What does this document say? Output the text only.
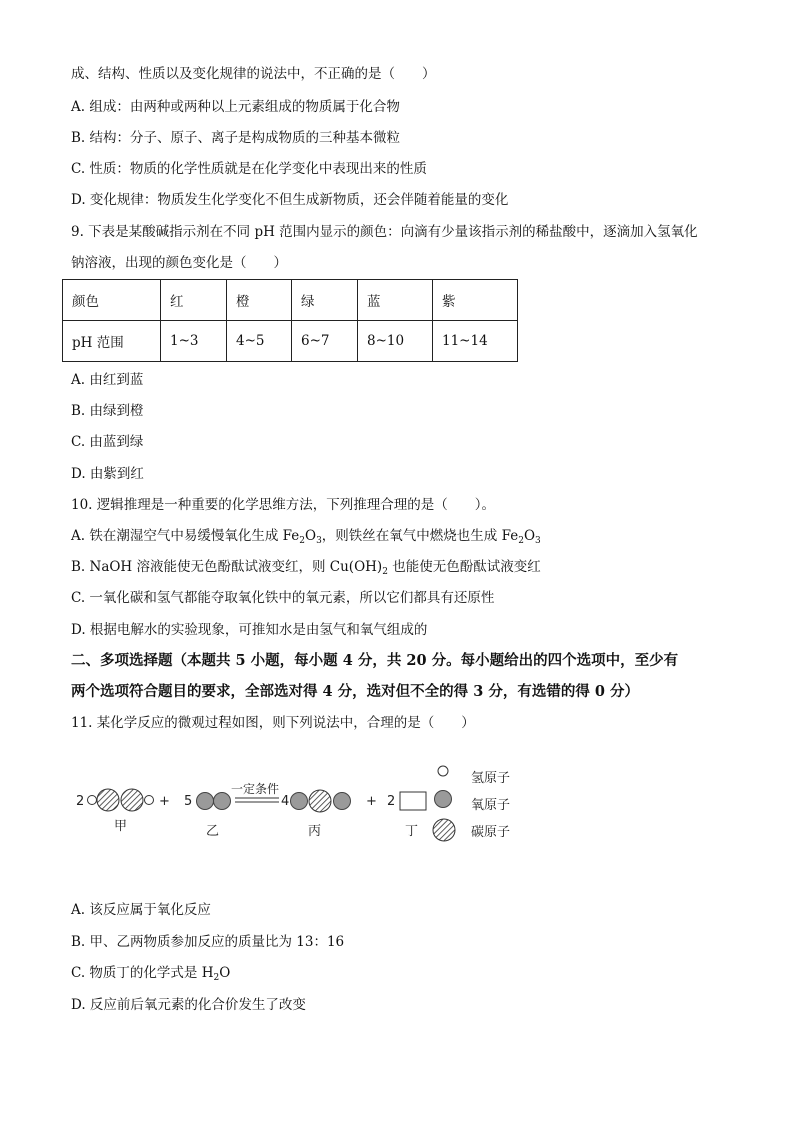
成、结构、性质以及变化规律的说法中，不正确的是（　　）
A. 组成：由两种或两种以上元素组成的物质属于化合物
B. 结构：分子、原子、离子是构成物质的三种基本微粒
C. 性质：物质的化学性质就是在化学变化中表现出来的性质
D. 变化规律：物质发生化学变化不但生成新物质，还会伴随着能量的变化
9. 下表是某酸碱指示剂在不同 pH 范围内显示的颜色：向滴有少量该指示剂的稀盐酸中，逐滴加入氢氧化
钠溶液，出现的颜色变化是（　　）
颜色	红	橙	绿	蓝	紫
pH 范围	1~3	4~5	6~7	8~10	11~14
A. 由红到蓝
B. 由绿到橙
C. 由蓝到绿
D. 由紫到红
10. 逻辑推理是一种重要的化学思维方法，下列推理合理的是（　　）。
A. 铁在潮湿空气中易缓慢氧化生成 $Fe_2O_3$，则铁丝在氧气中燃烧也生成 $Fe_2O_3$
B. NaOH 溶液能使无色酚酞试液变红，则 $Cu(OH)_2$ 也能使无色酚酞试液变红
C. 一氧化碳和氢气都能夺取氧化铁中的氧元素，所以它们都具有还原性
D. 根据电解水的实验现象，可推知水是由氢气和氧气组成的
二、多项选择题（本题共 5 小题，每小题 4 分，共 20 分。每小题给出的四个选项中，至少有
两个选项符合题目的要求，全部选对得 4 分，选对但不全的得 3 分，有选错的得 0 分）
11. 某化学反应的微观过程如图，则下列说法中，合理的是（　　）
2	+
甲
5
乙
一定条件
4
丙
+ 2
丁
氢原子
氧原子
碳原子
A. 该反应属于氧化反应
B. 甲、乙两物质参加反应的质量比为 13：16
C. 物质丁的化学式是 $H_2O$
D. 反应前后氧元素的化合价发生了改变
